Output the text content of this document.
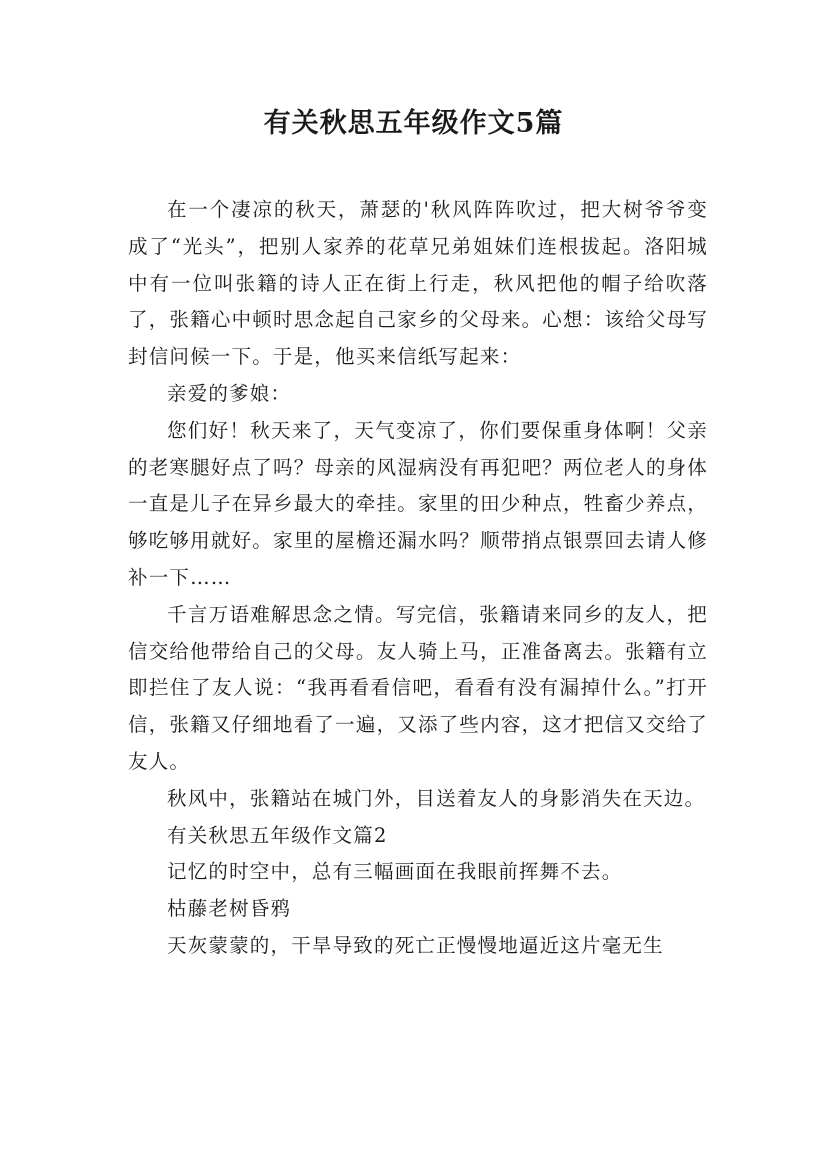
有关秋思五年级作文5篇

在一个凄凉的秋天，萧瑟的'秋风阵阵吹过，把大树爷爷变成了“光头”，把别人家养的花草兄弟姐妹们连根拔起。洛阳城中有一位叫张籍的诗人正在街上行走，秋风把他的帽子给吹落了，张籍心中顿时思念起自己家乡的父母来。心想：该给父母写封信问候一下。于是，他买来信纸写起来：

亲爱的爹娘：

您们好！秋天来了，天气变凉了，你们要保重身体啊！父亲的老寒腿好点了吗？母亲的风湿病没有再犯吧？两位老人的身体一直是儿子在异乡最大的牵挂。家里的田少种点，牲畜少养点，够吃够用就好。家里的屋檐还漏水吗？顺带捎点银票回去请人修补一下……

千言万语难解思念之情。写完信，张籍请来同乡的友人，把信交给他带给自己的父母。友人骑上马，正准备离去。张籍有立即拦住了友人说：“我再看看信吧，看看有没有漏掉什么。”打开信，张籍又仔细地看了一遍，又添了些内容，这才把信又交给了友人。

秋风中，张籍站在城门外，目送着友人的身影消失在天边。

有关秋思五年级作文篇2

记忆的时空中，总有三幅画面在我眼前挥舞不去。

枯藤老树昏鸦

天灰蒙蒙的，干旱导致的死亡正慢慢地逼近这片毫无生
